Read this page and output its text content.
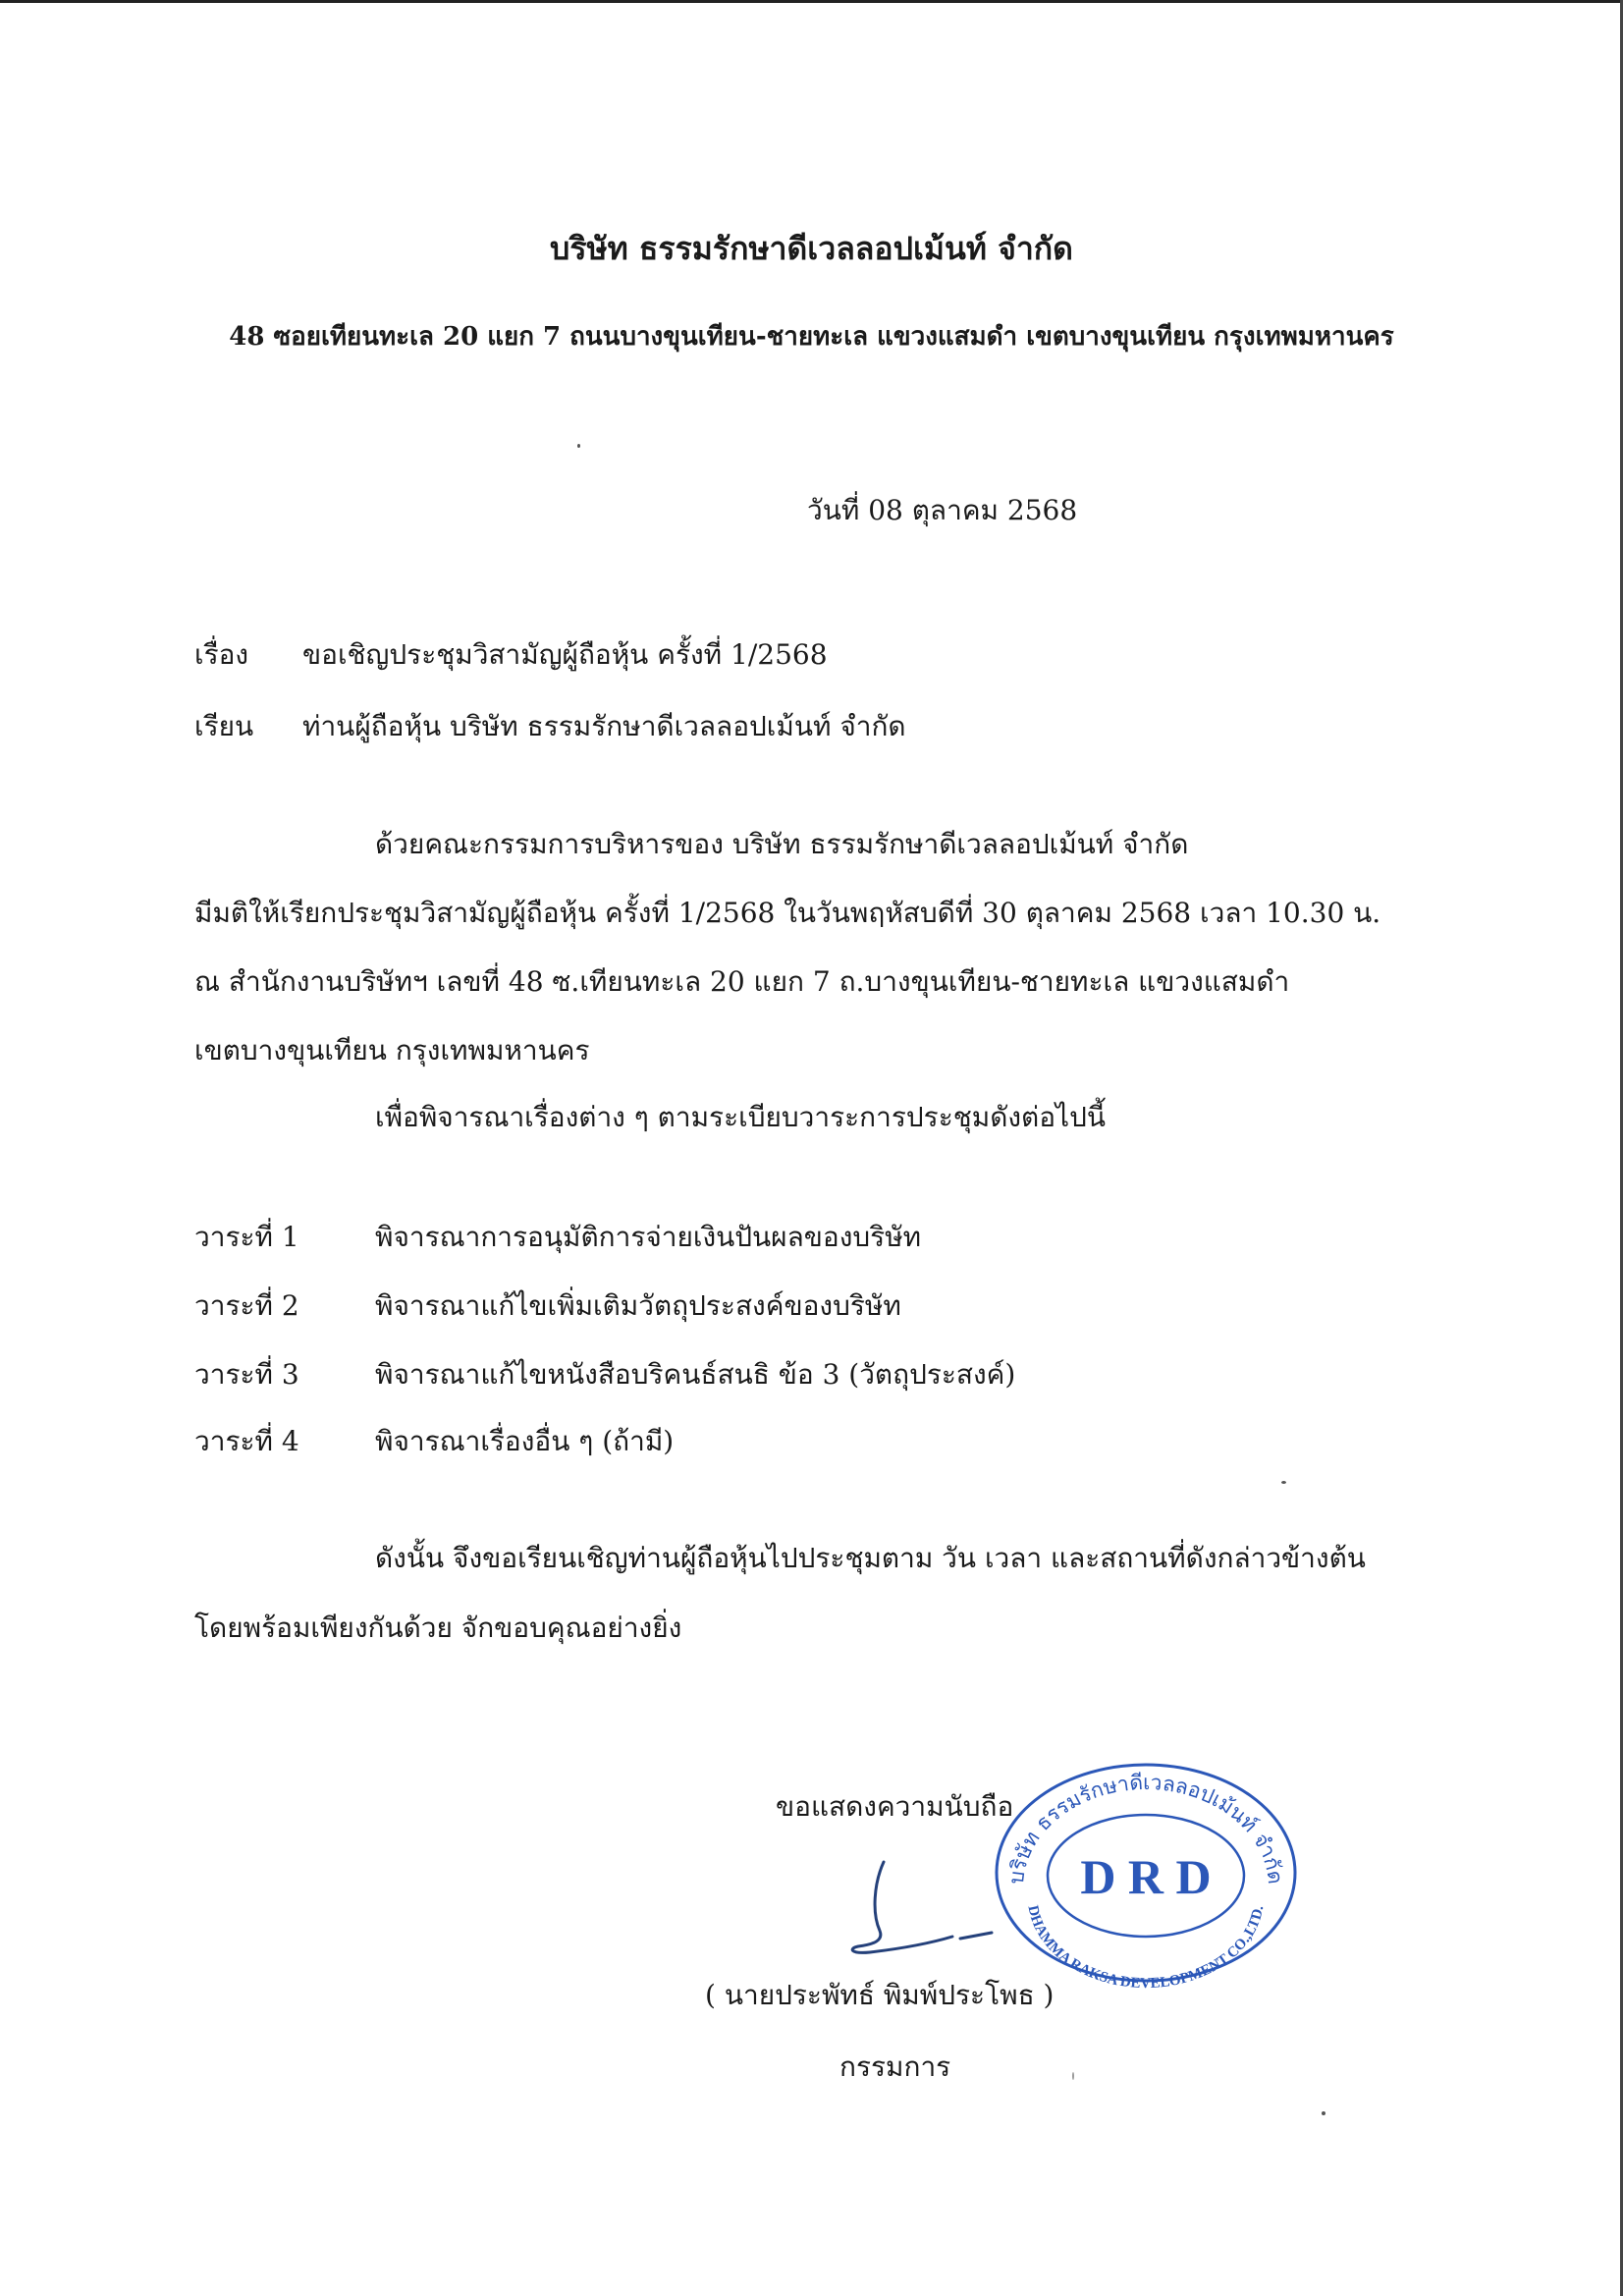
บริษัท ธรรมรักษาดีเวลลอปเม้นท์ จำกัด
48 ซอยเทียนทะเล 20 แยก 7 ถนนบางขุนเทียน-ชายทะเล แขวงแสมดำ เขตบางขุนเทียน กรุงเทพมหานคร
วันที่ 08 ตุลาคม 2568
เรื่อง ขอเชิญประชุมวิสามัญผู้ถือหุ้น ครั้งที่ 1/2568
เรียน ท่านผู้ถือหุ้น บริษัท ธรรมรักษาดีเวลลอปเม้นท์ จำกัด
ด้วยคณะกรรมการบริหารของ บริษัท ธรรมรักษาดีเวลลอปเม้นท์ จำกัด
มีมติให้เรียกประชุมวิสามัญผู้ถือหุ้น ครั้งที่ 1/2568 ในวันพฤหัสบดีที่ 30 ตุลาคม 2568 เวลา 10.30 น.
ณ สำนักงานบริษัทฯ เลขที่ 48 ซ.เทียนทะเล 20 แยก 7 ถ.บางขุนเทียน-ชายทะเล แขวงแสมดำ
เขตบางขุนเทียน กรุงเทพมหานคร
เพื่อพิจารณาเรื่องต่าง ๆ ตามระเบียบวาระการประชุมดังต่อไปนี้
วาระที่ 1	พิจารณาการอนุมัติการจ่ายเงินปันผลของบริษัท
วาระที่ 2	พิจารณาแก้ไขเพิ่มเติมวัตถุประสงค์ของบริษัท
วาระที่ 3	พิจารณาแก้ไขหนังสือบริคนธ์สนธิ ข้อ 3 (วัตถุประสงค์)
วาระที่ 4	พิจารณาเรื่องอื่น ๆ (ถ้ามี)
ดังนั้น จึงขอเรียนเชิญท่านผู้ถือหุ้นไปประชุมตาม วัน เวลา และสถานที่ดังกล่าวข้างต้น
โดยพร้อมเพียงกันด้วย จักขอบคุณอย่างยิ่ง
ขอแสดงความนับถือ
บริษัท ธรรมรักษาดีเวลลอปเม้นท์ จำกัด
D R D
DHAMMA RAKSA DEVELOPMENT CO.,LTD.
( นายประพัทธ์ พิมพ์ประโพธ )
กรรมการ
